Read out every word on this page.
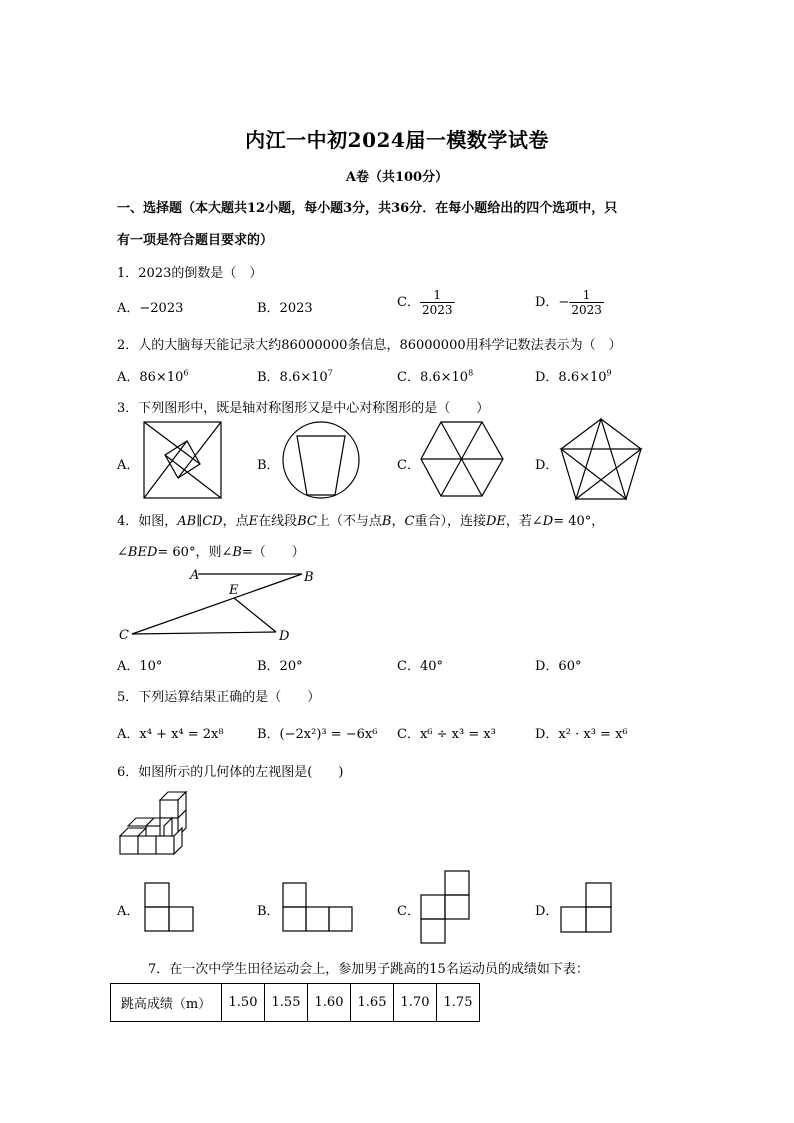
内江一中初2024届一模数学试卷
A卷（共100分）
一、选择题（本大题共12小题，每小题3分，共36分．在每小题给出的四个选项中，只
有一项是符合题目要求的）
1．2023的倒数是（　）
A．−2023	B．2023	C． $\frac{1}{2023}$	D．− $\frac{1}{2023}$
2．人的大脑每天能记录大约86000000条信息，86000000用科学记数法表示为（　）
A．$86\times 10^6$	B．$8.6\times 10^7$	C．$8.6\times 10^8$	D．$8.6\times 10^9$
3．下列图形中，既是轴对称图形又是中心对称图形的是（　　）
A．	B．	C．	D．
4．如图，AB∥CD，点E在线段BC上（不与点B，C重合），连接DE，若∠D= 40°，
∠BED= 60°，则∠B=（　　）
A	B
E
C	D
A．10°	B．20°	C．40°	D．60°
5．下列运算结果正确的是（　　）
A．x⁴ + x⁴ = 2x⁸	B．(−2x²)³ = −6x⁶ C．x⁶ ÷ x³ = x³	D．x² · x³ = x⁶
6．如图所示的几何体的左视图是(　　)
A．	B．	C．	D．
7．在一次中学生田径运动会上，参加男子跳高的15名运动员的成绩如下表：
跳高成绩（m）	1.50	1.55	1.60	1.65	1.70	1.75
